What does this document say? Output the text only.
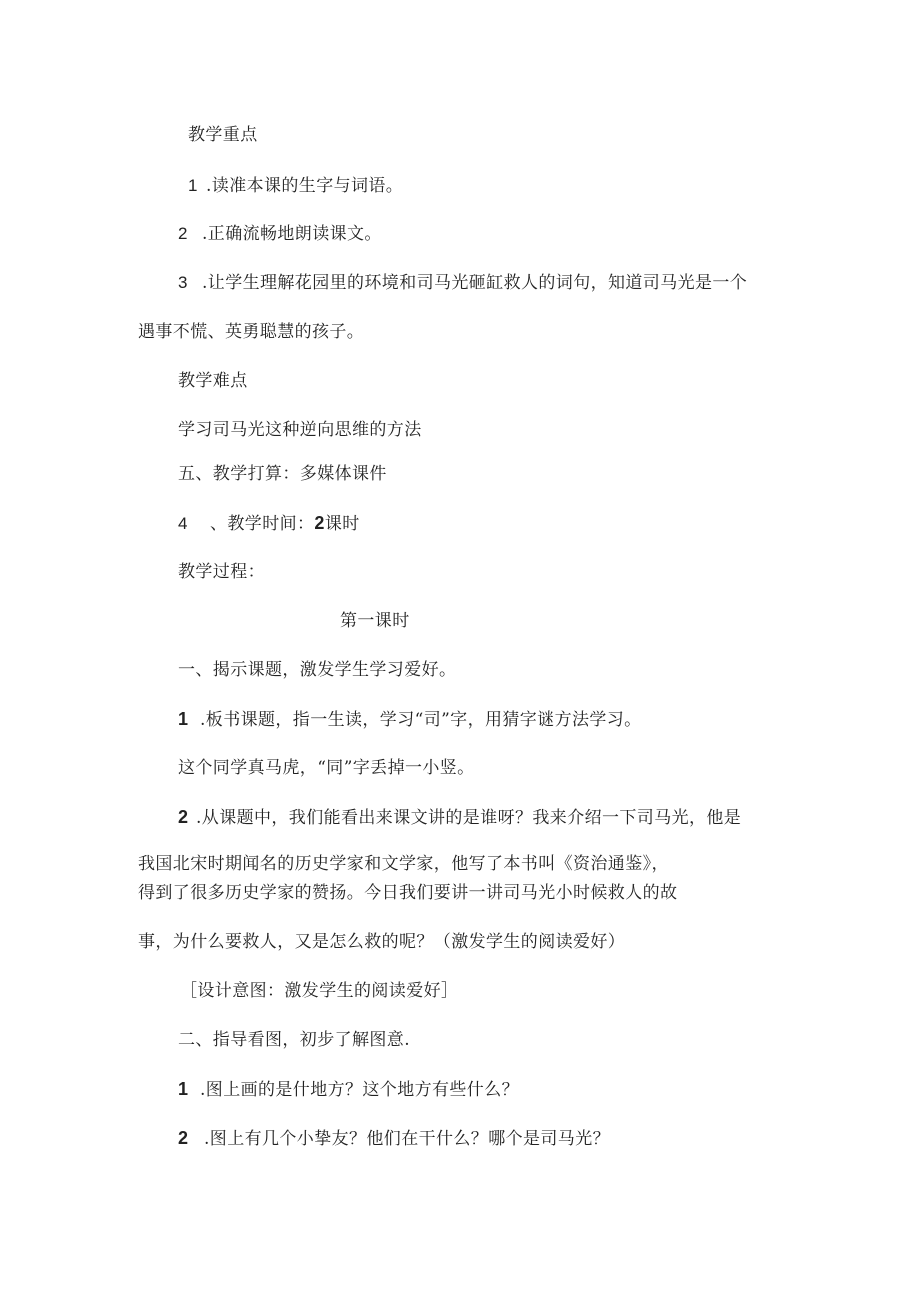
教学重点
1 .读准本课的生字与词语。
2 .正确流畅地朗读课文。
3 .让学生理解花园里的环境和司马光砸缸救人的词句，知道司马光是一个
遇事不慌、英勇聪慧的孩子。
教学难点
学习司马光这种逆向思维的方法
五、教学打算：多媒体课件
4 、教学时间：2课时
教学过程：
第一课时
一、揭示课题，激发学生学习爱好。
1 .板书课题，指一生读，学习“司”字，用猜字谜方法学习。
这个同学真马虎，“同”字丢掉一小竖。
2 .从课题中，我们能看出来课文讲的是谁呀？我来介绍一下司马光，他是
我国北宋时期闻名的历史学家和文学家，他写了本书叫《资治通鉴》，
得到了很多历史学家的赞扬。今日我们要讲一讲司马光小时候救人的故
事，为什么要救人，又是怎么救的呢？（激发学生的阅读爱好）
［设计意图：激发学生的阅读爱好］
二、指导看图，初步了解图意.
1 .图上画的是什地方？这个地方有些什么？
2 .图上有几个小挚友？他们在干什么？哪个是司马光？
